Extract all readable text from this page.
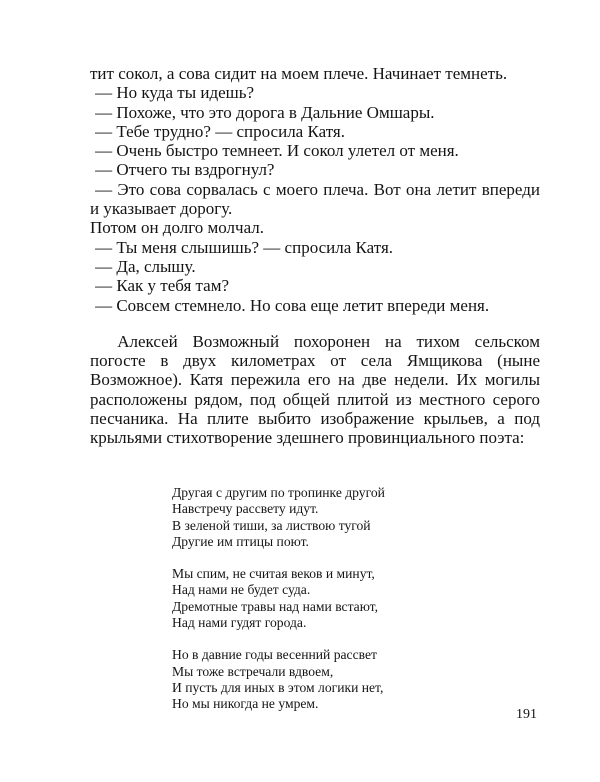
тит сокол, а сова сидит на моем плече. Начинает темнеть.

— Но куда ты идешь?

— Похоже, что это дорога в Дальние Омшары.

— Тебе трудно? — спросила Катя.

— Очень быстро темнеет. И сокол улетел от меня.

— Отчего ты вздрогнул?

— Это сова сорвалась с моего плеча. Вот она летит впереди и указывает дорогу.

Потом он долго молчал.

— Ты меня слышишь? — спросила Катя.

— Да, слышу.

— Как у тебя там?

— Совсем стемнело. Но сова еще летит впереди меня.

Алексей Возможный похоронен на тихом сельском погосте в двух километрах от села Ямщикова (ныне Возможное). Катя пережила его на две недели. Их могилы расположены рядом, под общей плитой из местного серого песчаника. На плите выбито изображение крыльев, а под крыльями стихотворение здешнего провинциального поэта:

Другая с другим по тропинке другой
Навстречу рассвету идут.
В зеленой тиши, за листвою тугой
Другие им птицы поют.
Мы спим, не считая веков и минут,
Над нами не будет суда.
Дремотные травы над нами встают,
Над нами гудят города.
Но в давние годы весенний рассвет
Мы тоже встречали вдвоем,
И пусть для иных в этом логики нет,
Но мы никогда не умрем.
191
